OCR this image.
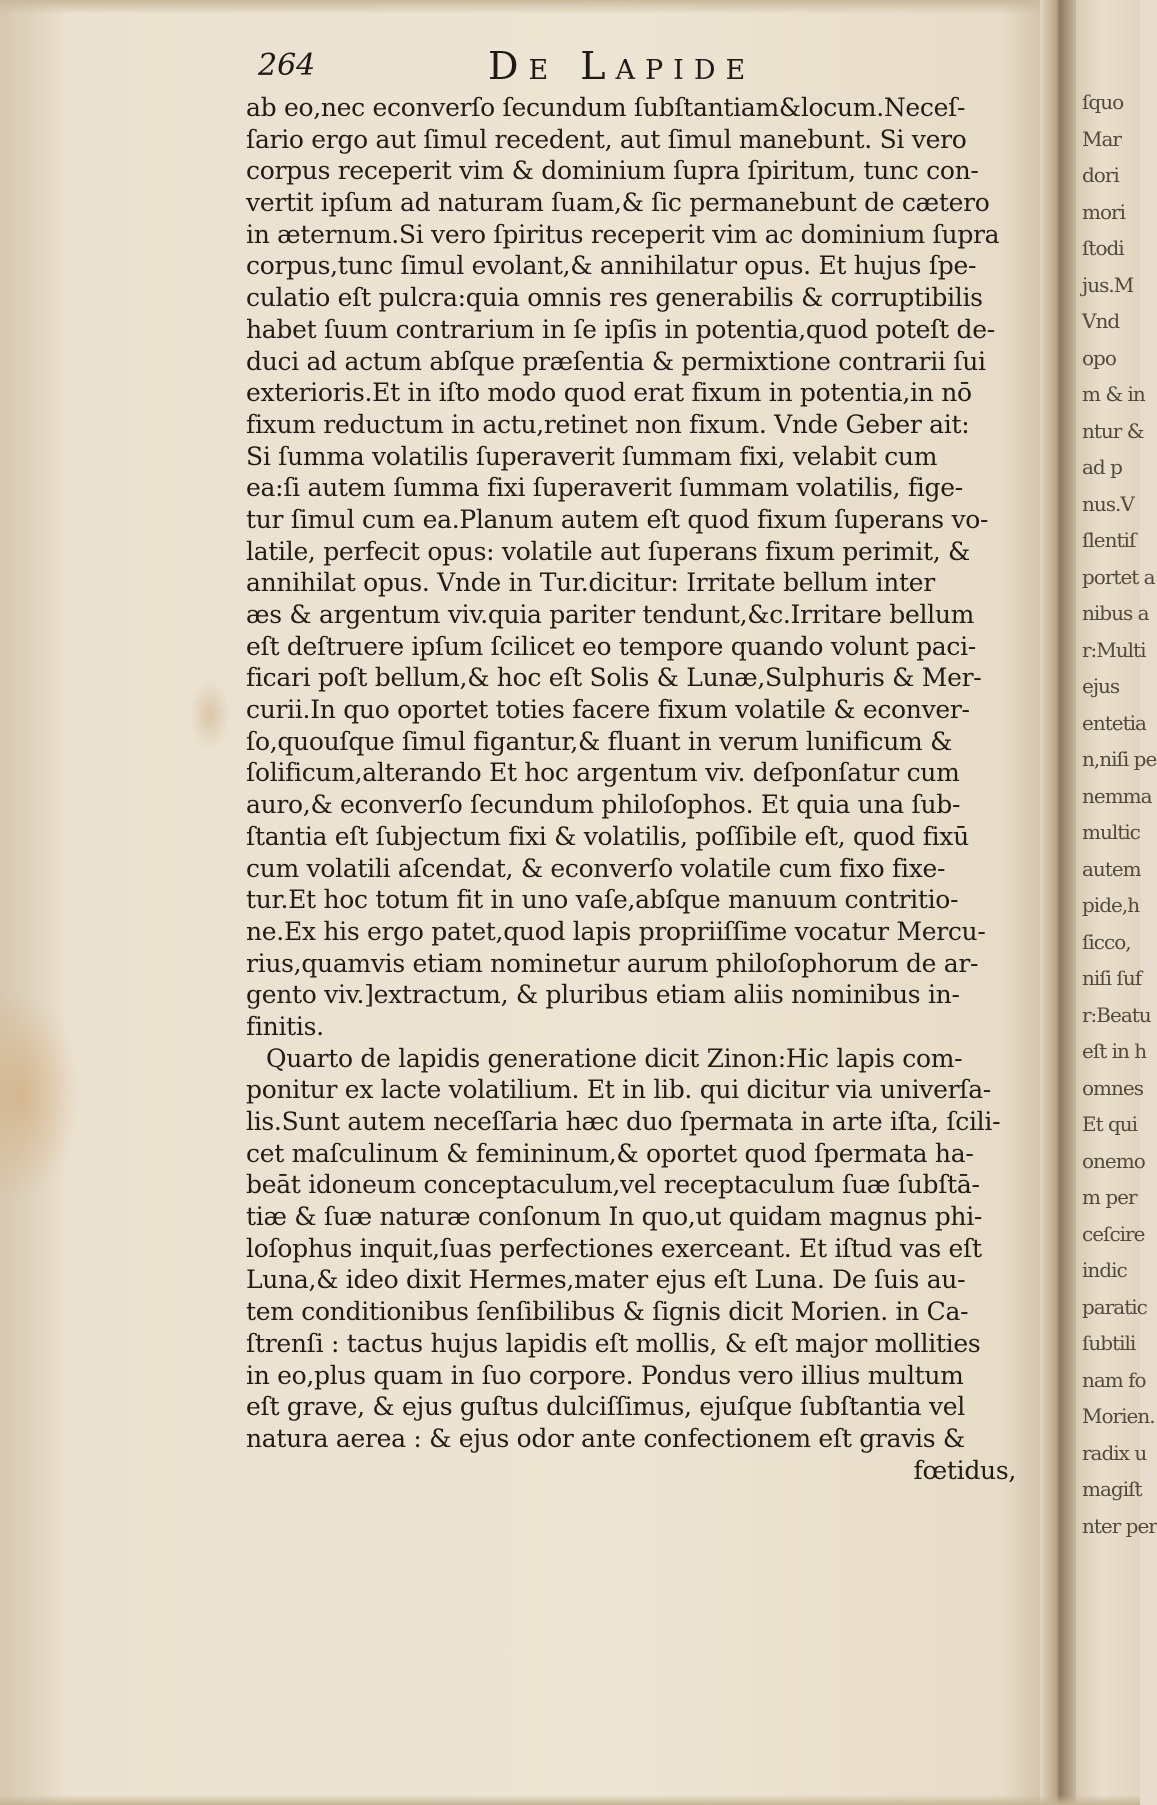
264	De Lapide
ab eo,nec econverſo ſecundum ſubſtantiam&locum.Neceſ-
ſario ergo aut ſimul recedent, aut ſimul manebunt. Si vero
corpus receperit vim & dominium ſupra ſpiritum, tunc con-
vertit ipſum ad naturam ſuam,& ſic permanebunt de cætero
in æternum.Si vero ſpiritus receperit vim ac dominium ſupra
corpus,tunc ſimul evolant,& annihilatur opus. Et hujus ſpe-
culatio eſt pulcra:quia omnis res generabilis & corruptibilis
habet ſuum contrarium in ſe ipſis in potentia,quod poteſt de-
duci ad actum abſque præſentia & permixtione contrarii ſui
exterioris.Et in iſto modo quod erat fixum in potentia,in nō
fixum reductum in actu,retinet non fixum. Vnde Geber ait:
Si ſumma volatilis ſuperaverit ſummam fixi, velabit cum
ea:ſi autem ſumma fixi ſuperaverit ſummam volatilis, fige-
tur ſimul cum ea.Planum autem eſt quod fixum ſuperans vo-
latile, perfecit opus: volatile aut ſuperans fixum perimit, &
annihilat opus. Vnde in Tur.dicitur: Irritate bellum inter
æs & argentum viv.quia pariter tendunt,&c.Irritare bellum
eſt deſtruere ipſum ſcilicet eo tempore quando volunt paci-
ficari poſt bellum,& hoc eſt Solis & Lunæ,Sulphuris & Mer-
curii.In quo oportet toties facere fixum volatile & econver-
ſo,quouſque ſimul figantur,& fluant in verum lunificum &
ſolificum,alterando Et hoc argentum viv. deſponſatur cum
auro,& econverſo ſecundum philoſophos. Et quia una ſub-
ſtantia eſt ſubjectum fixi & volatilis, poſſibile eſt, quod fixū
cum volatili aſcendat, & econverſo volatile cum fixo fixe-
tur.Et hoc totum fit in uno vaſe,abſque manuum contritio-
ne.Ex his ergo patet,quod lapis propriiſſime vocatur Mercu-
rius,quamvis etiam nominetur aurum philoſophorum de ar-
gento viv.]extractum, & pluribus etiam aliis nominibus in-
finitis.
Quarto de lapidis generatione dicit Zinon:Hic lapis com-
ponitur ex lacte volatilium. Et in lib. qui dicitur via univerſa-
lis.Sunt autem neceſſaria hæc duo ſpermata in arte iſta, ſcili-
cet maſculinum & femininum,& oportet quod ſpermata ha-
beāt idoneum conceptaculum,vel receptaculum ſuæ ſubſtā-
tiæ & ſuæ naturæ conſonum In quo,ut quidam magnus phi-
loſophus inquit,ſuas perfectiones exerceant. Et iſtud vas eſt
Luna,& ideo dixit Hermes,mater ejus eſt Luna. De ſuis au-
tem conditionibus ſenſibilibus & ſignis dicit Morien. in Ca-
ſtrenſi : tactus hujus lapidis eſt mollis, & eſt major mollities
in eo,plus quam in ſuo corpore. Pondus vero illius multum
eſt grave, & ejus guſtus dulciſſimus, ejuſque ſubſtantia vel
natura aerea : & ejus odor ante confectionem eſt gravis &
fœtidus,
ſquo
Mar
dori
mori
ſtodi
jus.M
Vnd
opo
m & in
ntur &
ad p
nus.V
ſlentiſ
portet a
nibus a
r:Multi
ejus
entetia
n,niſi pe
nemma
multic
autem
pide,h
ſicco,
niſi ſuf
r:Beatu
eſt in h
omnes
Et qui
onemo
m per
ceſcire
indic
paratic
ſubtili
nam fo
Morien.
radix u
magiſt
nter per
